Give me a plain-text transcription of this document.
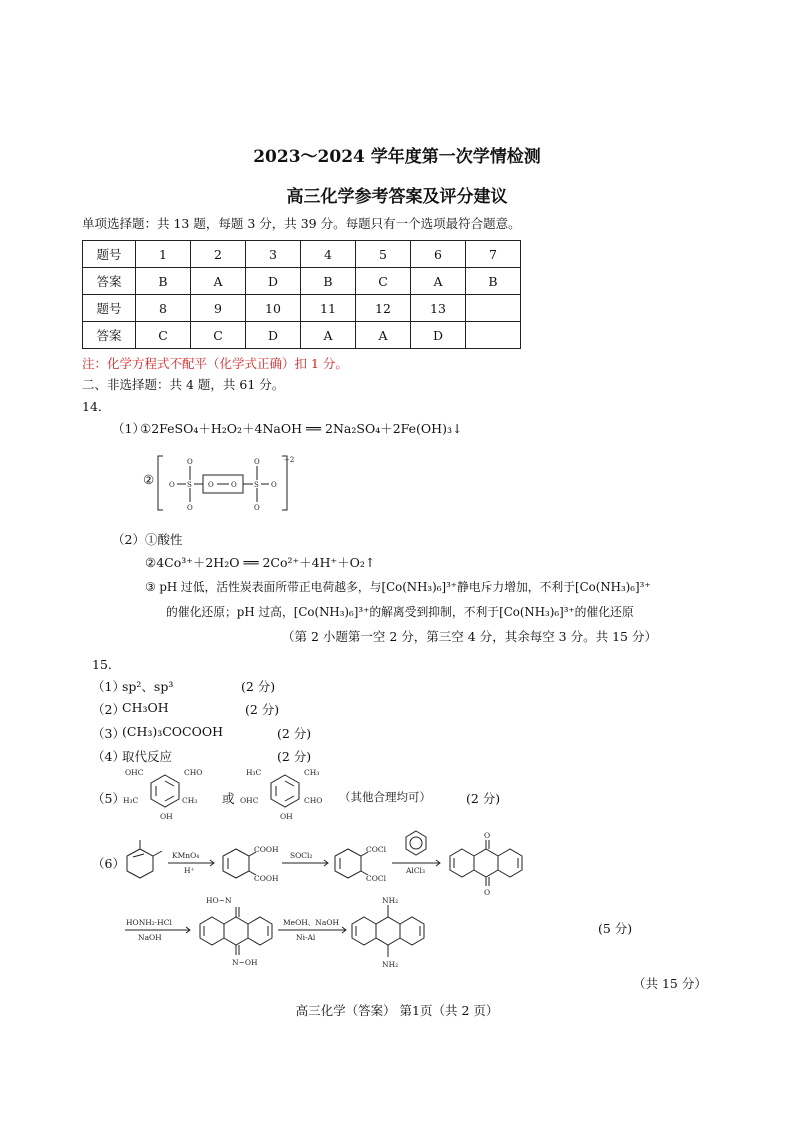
2023～2024 学年度第一次学情检测
高三化学参考答案及评分建议
单项选择题：共 13 题，每题 3 分，共 39 分。每题只有一个选项最符合题意。
题号	1	2	3	4	5	6	7
答案	B	A	D	B	C	A	B
题号	8	9	10	11	12	13	
答案	C	C	D	A	A	D	
注：化学方程式不配平（化学式正确）扣 1 分。
二、非选择题：共 4 题，共 61 分。
14．
（1）
①2FeSO₄＋H₂O₂＋4NaOH ══ 2Na₂SO₄＋2Fe(OH)₃↓
② O
O
S
O
O O
O
S
O
O
−2
（2） ①酸性
②4Co³⁺＋2H₂O ══ 2Co²⁺＋4H⁺＋O₂↑
③ pH 过低，活性炭表面所带正电荷越多，与[Co(NH₃)₆]³⁺静电斥力增加，不利于[Co(NH₃)₆]³⁺
的催化还原；pH 过高，[Co(NH₃)₆]³⁺的解离受到抑制，不利于[Co(NH₃)₆]³⁺的催化还原
（第 2 小题第一空 2 分，第三空 4 分，其余每空 3 分。共 15 分）
15．
（1）
sp²、sp³	(2 分)
（2）
CH₃OH	(2 分)
（3）
(CH₃)₃COCOOH	(2 分)
（4）
取代反应	(2 分)
（5）
OHC	CHO
H₃C	CH₃
OH
或
H₃C	CH₃
OHC	CHO
OH
（其他合理均可）	(2 分)
（6）
KMnO₄
H⁺
COOH
COOH
SOCl₂
COCl
COCl
AlCl₃
O
O
HONH₂·HCl
NaOH
HO~N
N~OH
MeOH、NaOH
Ni-Al
NH₂
NH₂
(5 分)
（共 15 分）
高三化学（答案） 第1页（共 2 页）
